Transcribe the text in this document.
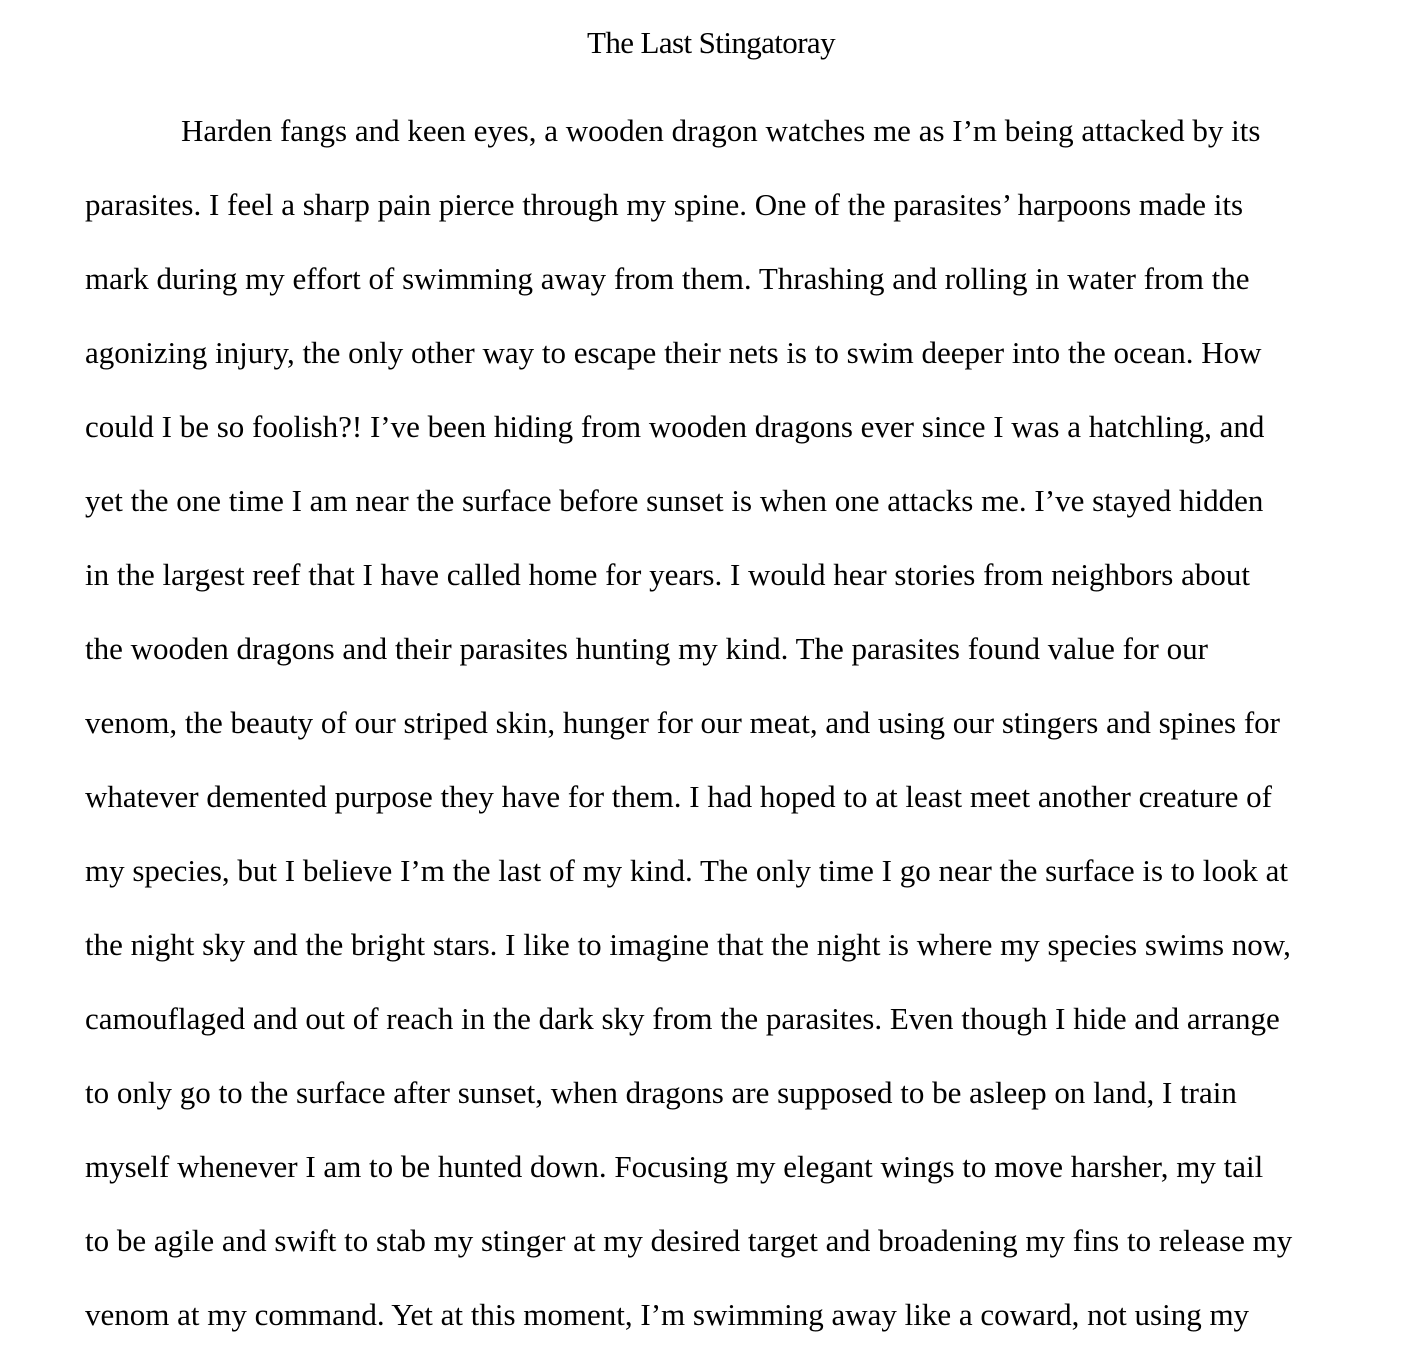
The Last Stingatoray
Harden fangs and keen eyes, a wooden dragon watches me as I’m being attacked by its
parasites. I feel a sharp pain pierce through my spine. One of the parasites’ harpoons made its
mark during my effort of swimming away from them. Thrashing and rolling in water from the
agonizing injury, the only other way to escape their nets is to swim deeper into the ocean. How
could I be so foolish?! I’ve been hiding from wooden dragons ever since I was a hatchling, and
yet the one time I am near the surface before sunset is when one attacks me. I’ve stayed hidden
in the largest reef that I have called home for years. I would hear stories from neighbors about
the wooden dragons and their parasites hunting my kind. The parasites found value for our
venom, the beauty of our striped skin, hunger for our meat, and using our stingers and spines for
whatever demented purpose they have for them. I had hoped to at least meet another creature of
my species, but I believe I’m the last of my kind. The only time I go near the surface is to look at
the night sky and the bright stars. I like to imagine that the night is where my species swims now,
camouflaged and out of reach in the dark sky from the parasites. Even though I hide and arrange
to only go to the surface after sunset, when dragons are supposed to be asleep on land, I train
myself whenever I am to be hunted down. Focusing my elegant wings to move harsher, my tail
to be agile and swift to stab my stinger at my desired target and broadening my fins to release my
venom at my command. Yet at this moment, I’m swimming away like a coward, not using my
